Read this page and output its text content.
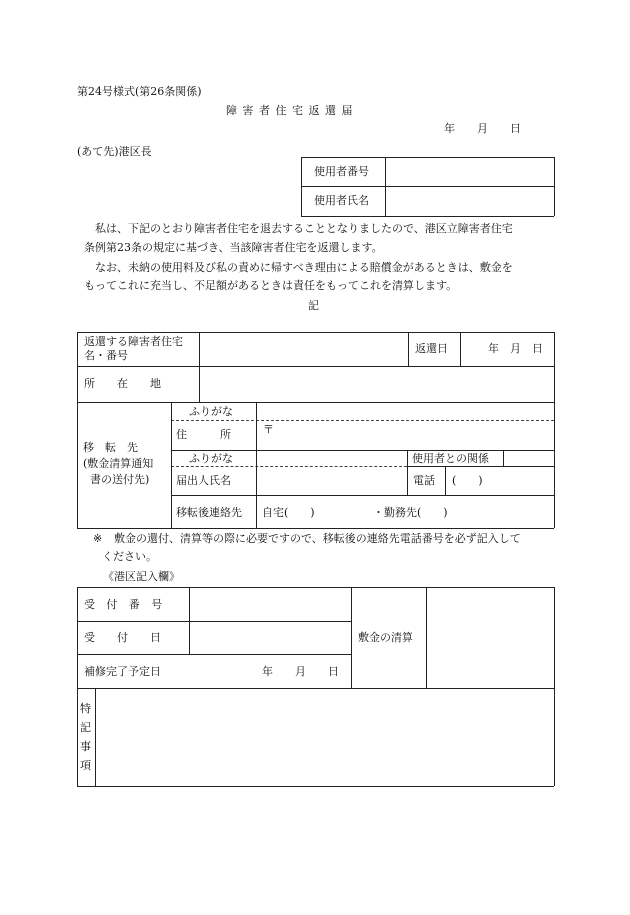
第24号様式(第26条関係)
障 害 者 住 宅 返 還 届
年　　月　　日
(あて先)港区長
使用者番号
使用者氏名
私は、下記のとおり障害者住宅を退去することとなりましたので、港区立障害者住宅
条例第23条の規定に基づき、当該障害者住宅を返還します。
なお、未納の使用料及び私の責めに帰すべき理由による賠償金があるときは、敷金を
もってこれに充当し、不足額があるときは責任をもってこれを清算します。
記
返還する障害者住宅
名・番号
返還日	年　月　日
所　　在　　地
移　転　先
(敷金清算通知
書の送付先)
ふりがな
住　　　所	〒
ふりがな	使用者との関係
届出人氏名	電話 (　　)
移転後連絡先 自宅(　　)	・勤務先(　　)
※ 敷金の還付、清算等の際に必要ですので、移転後の連絡先電話番号を必ず記入して
ください。
《港区記入欄》
受　付　番　号
受　　付　　日
補修完了予定日	年　　月　　日
敷金の清算
特
記
事
項
